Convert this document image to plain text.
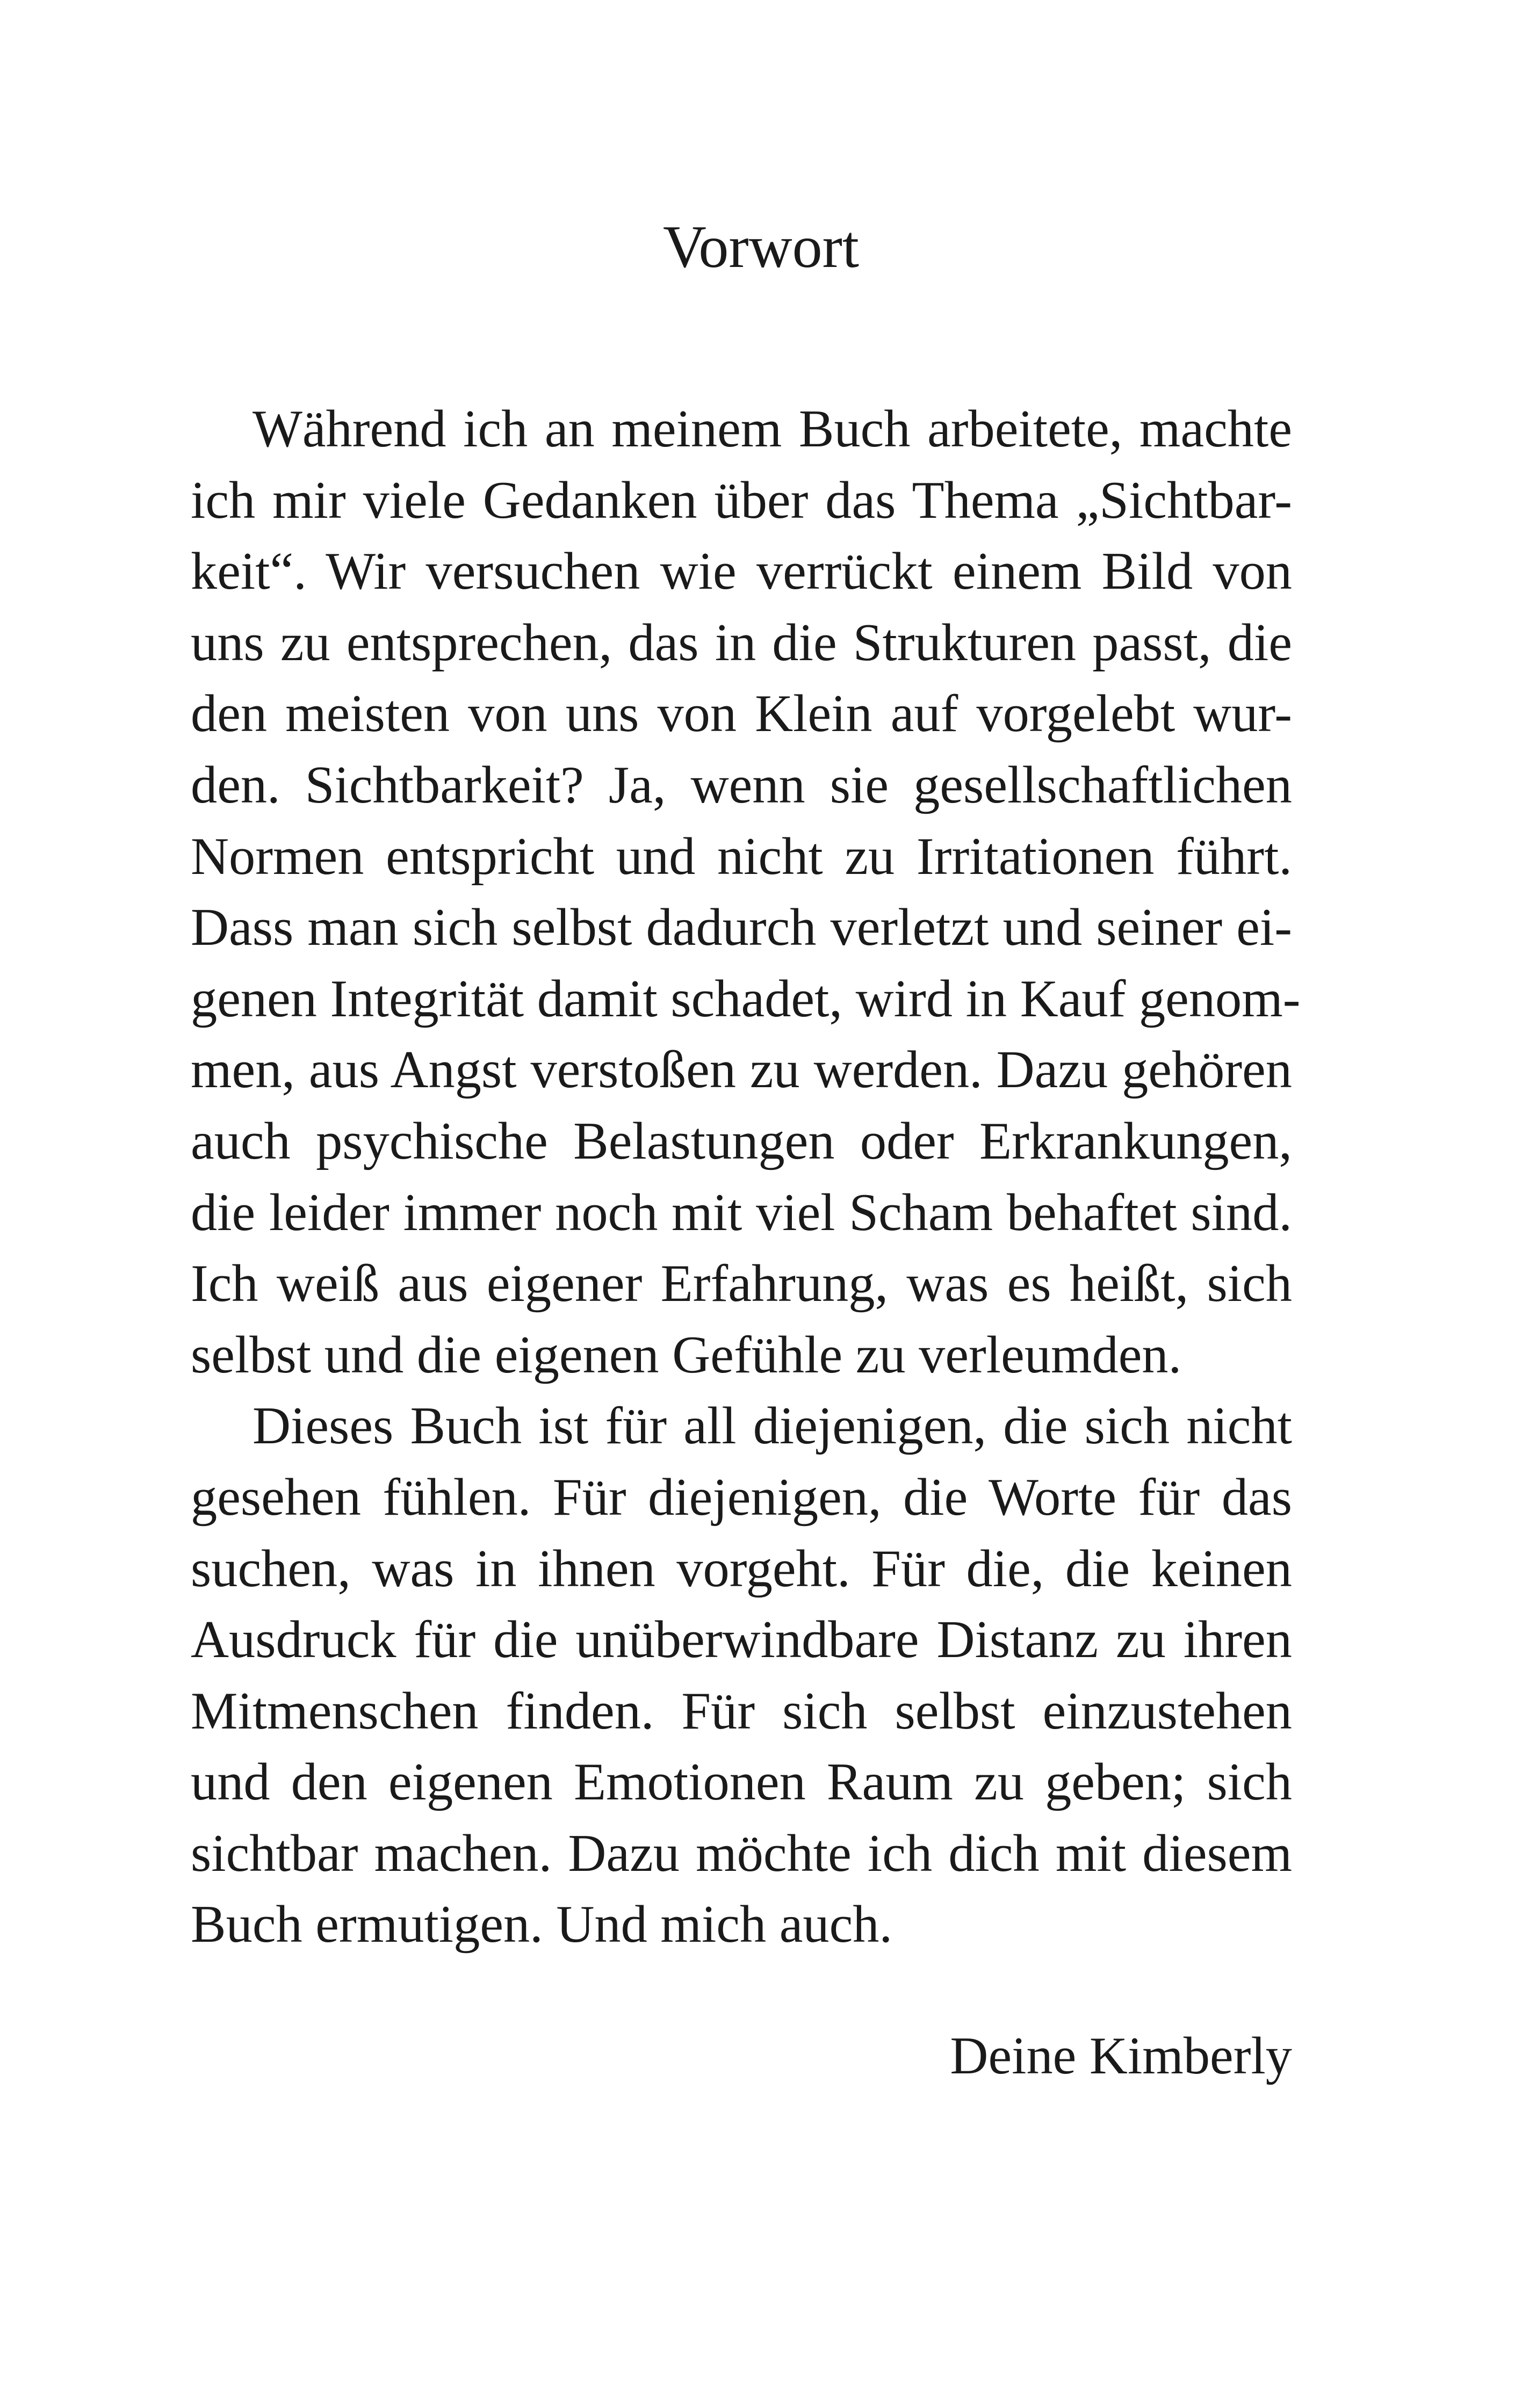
Vorwort
Während ich an meinem Buch arbeitete, machte
ich mir viele Gedanken über das Thema „Sichtbar-
keit“. Wir versuchen wie verrückt einem Bild von
uns zu entsprechen, das in die Strukturen passt, die
den meisten von uns von Klein auf vorgelebt wur-
den. Sichtbarkeit? Ja, wenn sie gesellschaftlichen
Normen entspricht und nicht zu Irritationen führt.
Dass man sich selbst dadurch verletzt und seiner ei-
genen Integrität damit schadet, wird in Kauf genom-
men, aus Angst verstoßen zu werden. Dazu gehören
auch psychische Belastungen oder Erkrankungen,
die leider immer noch mit viel Scham behaftet sind.
Ich weiß aus eigener Erfahrung, was es heißt, sich
selbst und die eigenen Gefühle zu verleumden.
Dieses Buch ist für all diejenigen, die sich nicht
gesehen fühlen. Für diejenigen, die Worte für das
suchen, was in ihnen vorgeht. Für die, die keinen
Ausdruck für die unüberwindbare Distanz zu ihren
Mitmenschen finden. Für sich selbst einzustehen
und den eigenen Emotionen Raum zu geben; sich
sichtbar machen. Dazu möchte ich dich mit diesem
Buch ermutigen. Und mich auch.

Deine Kimberly
